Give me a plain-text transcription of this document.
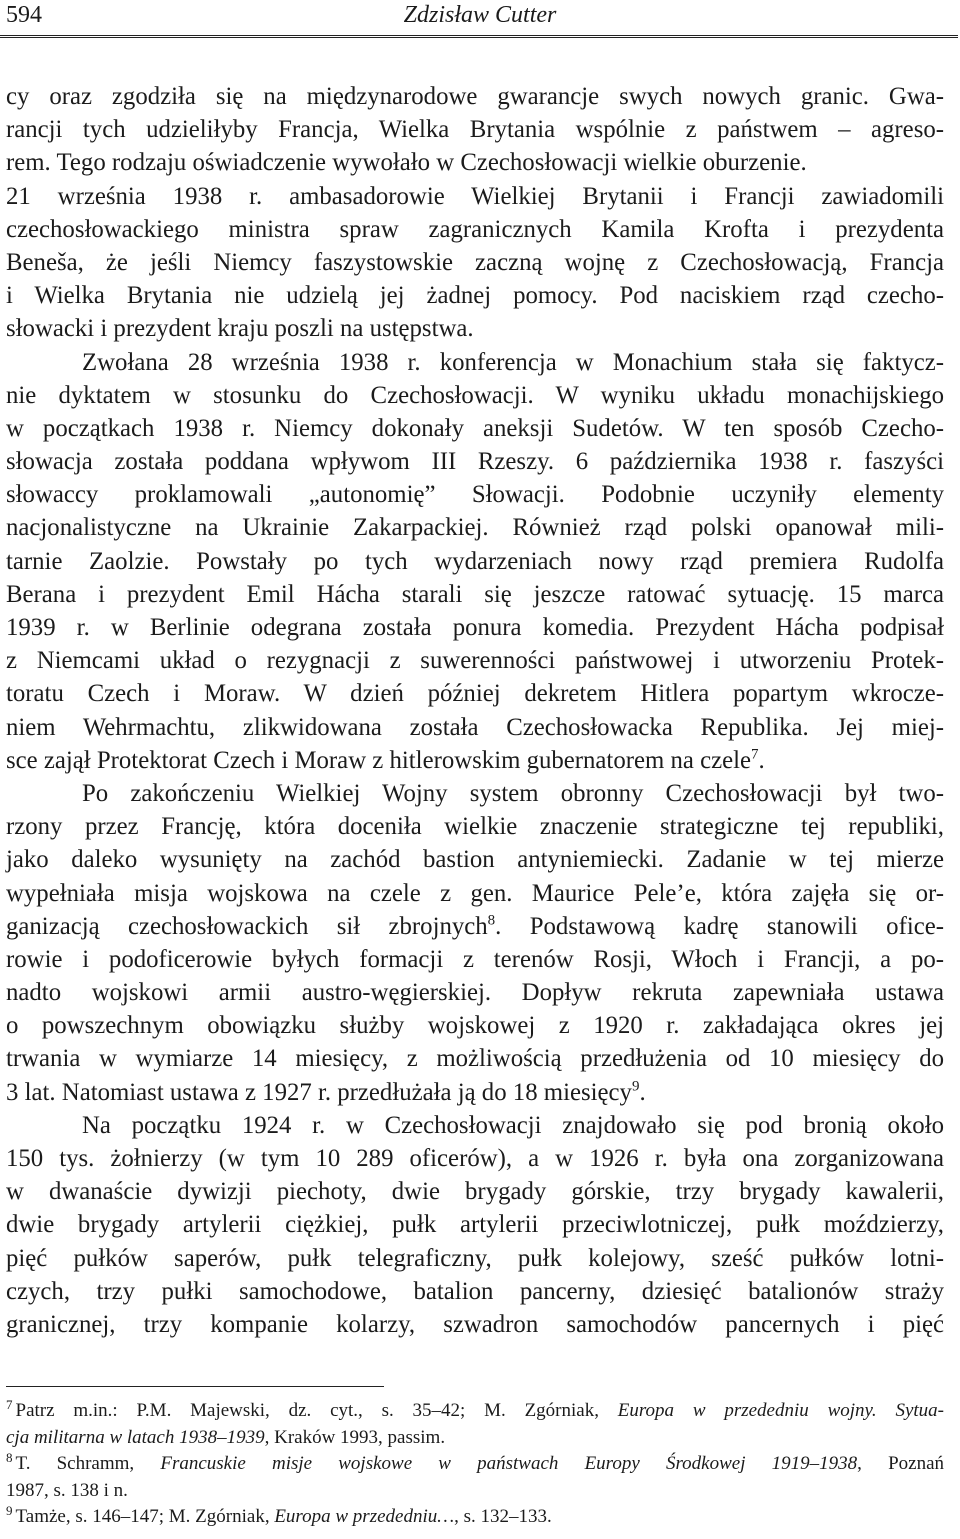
594	Zdzisław Cutter
cy oraz zgodziła się na międzynarodowe gwarancje swych nowych granic. Gwa-
rancji tych udzieliłyby Francja, Wielka Brytania wspólnie z państwem – agreso-
rem. Tego rodzaju oświadczenie wywołało w Czechosłowacji wielkie oburzenie.
21 września 1938 r. ambasadorowie Wielkiej Brytanii i Francji zawiadomili
czechosłowackiego ministra spraw zagranicznych Kamila Krofta i prezydenta
Beneša, że jeśli Niemcy faszystowskie zaczną wojnę z Czechosłowacją, Francja
i Wielka Brytania nie udzielą jej żadnej pomocy. Pod naciskiem rząd czecho-
słowacki i prezydent kraju poszli na ustępstwa.
Zwołana 28 września 1938 r. konferencja w Monachium stała się faktycz-
nie dyktatem w stosunku do Czechosłowacji. W wyniku układu monachijskiego
w początkach 1938 r. Niemcy dokonały aneksji Sudetów. W ten sposób Czecho-
słowacja została poddana wpływom III Rzeszy. 6 października 1938 r. faszyści
słowaccy proklamowali „autonomię” Słowacji. Podobnie uczyniły elementy
nacjonalistyczne na Ukrainie Zakarpackiej. Również rząd polski opanował mili-
tarnie Zaolzie. Powstały po tych wydarzeniach nowy rząd premiera Rudolfa
Berana i prezydent Emil Hácha starali się jeszcze ratować sytuację. 15 marca
1939 r. w Berlinie odegrana została ponura komedia. Prezydent Hácha podpisał
z Niemcami układ o rezygnacji z suwerenności państwowej i utworzeniu Protek-
toratu Czech i Moraw. W dzień później dekretem Hitlera popartym wkrocze-
niem Wehrmachtu, zlikwidowana została Czechosłowacka Republika. Jej miej-
sce zajął Protektorat Czech i Moraw z hitlerowskim gubernatorem na czele$^7$.
Po zakończeniu Wielkiej Wojny system obronny Czechosłowacji był two-
rzony przez Francję, która doceniła wielkie znaczenie strategiczne tej republiki,
jako daleko wysunięty na zachód bastion antyniemiecki. Zadanie w tej mierze
wypełniała misja wojskowa na czele z gen. Maurice Pele’e, która zajęła się or-
ganizacją czechosłowackich sił zbrojnych$^8$. Podstawową kadrę stanowili ofice-
rowie i podoficerowie byłych formacji z terenów Rosji, Włoch i Francji, a po-
nadto wojskowi armii austro-węgierskiej. Dopływ rekruta zapewniała ustawa
o powszechnym obowiązku służby wojskowej z 1920 r. zakładająca okres jej
trwania w wymiarze 14 miesięcy, z możliwością przedłużenia od 10 miesięcy do
3 lat. Natomiast ustawa z 1927 r. przedłużała ją do 18 miesięcy$^9$.
Na początku 1924 r. w Czechosłowacji znajdowało się pod bronią około
150 tys. żołnierzy (w tym 10 289 oficerów), a w 1926 r. była ona zorganizowana
w dwanaście dywizji piechoty, dwie brygady górskie, trzy brygady kawalerii,
dwie brygady artylerii ciężkiej, pułk artylerii przeciwlotniczej, pułk moździerzy,
pięć pułków saperów, pułk telegraficzny, pułk kolejowy, sześć pułków lotni-
czych, trzy pułki samochodowe, batalion pancerny, dziesięć batalionów straży
granicznej, trzy kompanie kolarzy, szwadron samochodów pancernych i pięć
$^7$ Patrz m.in.: P.M. Majewski, dz. cyt., s. 35–42; M. Zgórniak, Europa w przededniu wojny. Sytua-
cja militarna w latach 1938–1939, Kraków 1993, passim.
$^8$ T. Schramm, Francuskie misje wojskowe w państwach Europy Środkowej 1919–1938, Poznań
1987, s. 138 i n.
$^9$ Tamże, s. 146–147; M. Zgórniak, Europa w przededniu…, s. 132–133.
